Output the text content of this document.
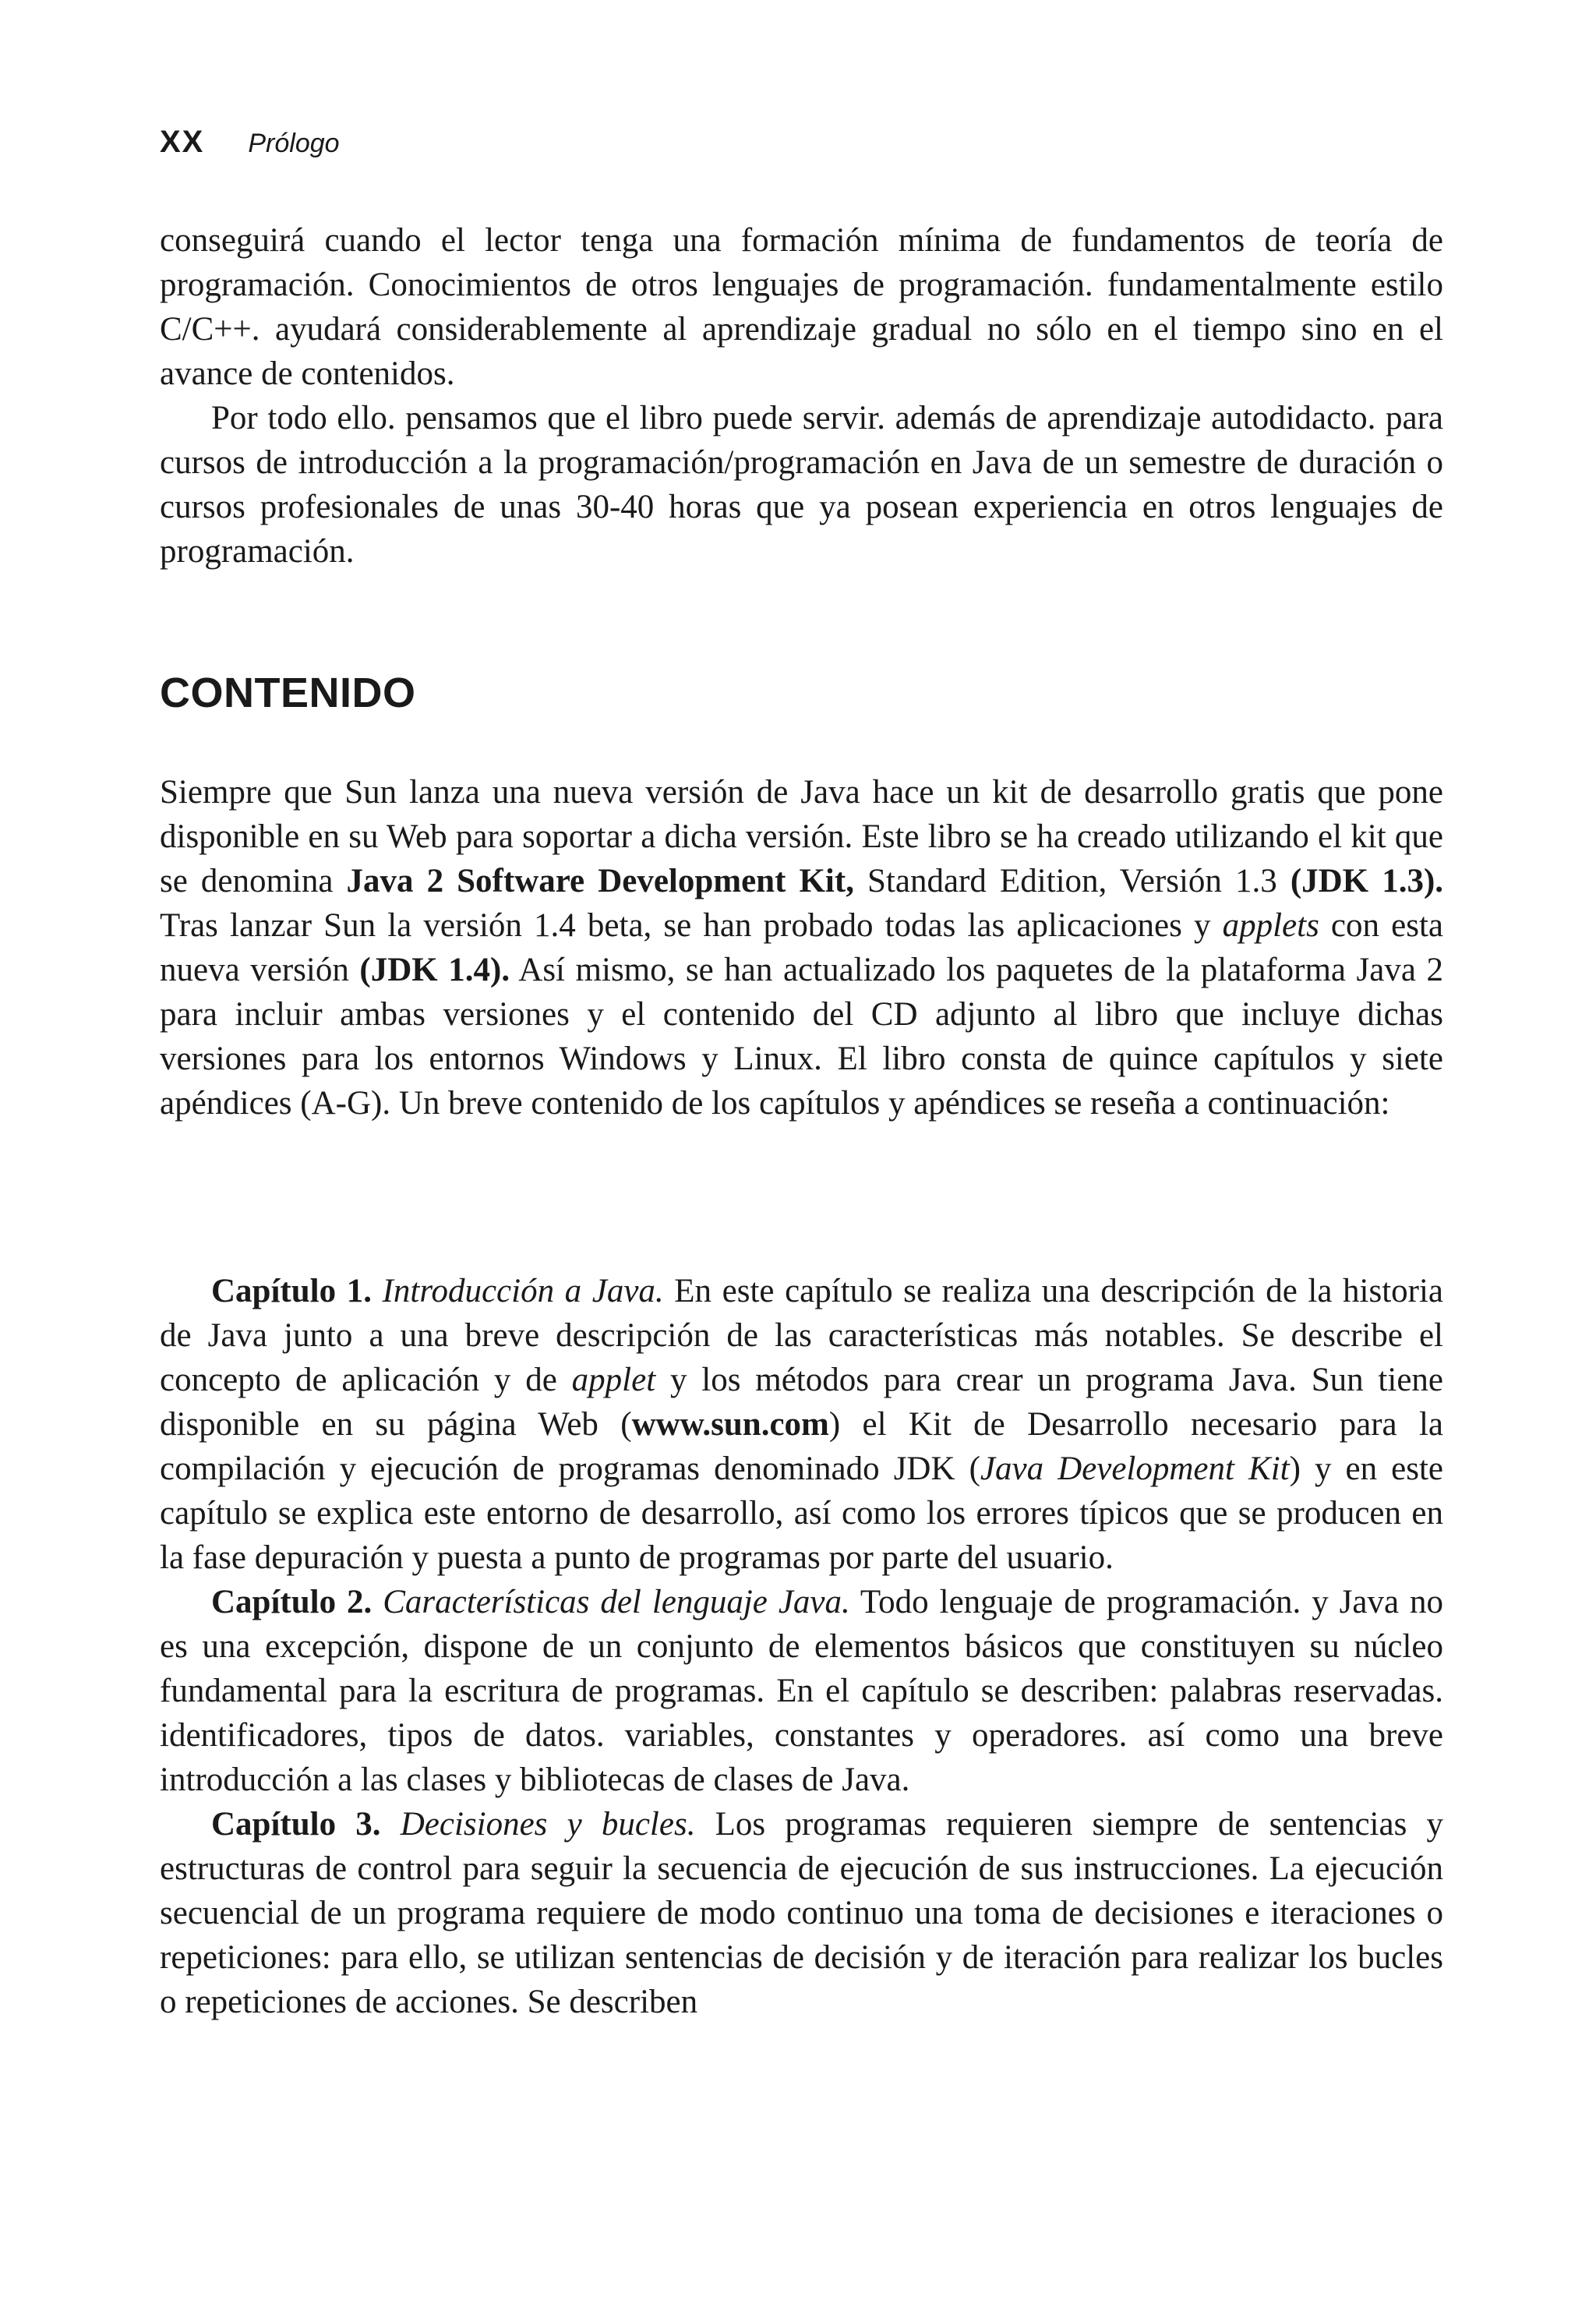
XX Prólogo

conseguirá cuando el lector tenga una formación mínima de fundamentos de teoría de programación. Conocimientos de otros lenguajes de programación. fundamentalmente estilo C/C++. ayudará considerablemente al aprendizaje gradual no sólo en el tiempo sino en el avance de contenidos.

Por todo ello. pensamos que el libro puede servir. además de aprendizaje autodidacto. para cursos de introducción a la programación/programación en Java de un semestre de duración o cursos profesionales de unas 30-40 horas que ya posean experiencia en otros lenguajes de programación.

CONTENIDO

Siempre que Sun lanza una nueva versión de Java hace un kit de desarrollo gratis que pone disponible en su Web para soportar a dicha versión. Este libro se ha creado utilizando el kit que se denomina Java 2 Software Development Kit, Standard Edition, Versión 1.3 (JDK 1.3). Tras lanzar Sun la versión 1.4 beta, se han probado todas las aplicaciones y applets con esta nueva versión (JDK 1.4). Así mismo, se han actualizado los paquetes de la plataforma Java 2 para incluir ambas versiones y el contenido del CD adjunto al libro que incluye dichas versiones para los entornos Windows y Linux. El libro consta de quince capítulos y siete apéndices (A-G). Un breve contenido de los capítulos y apéndices se reseña a continuación:

Capítulo 1. Introducción a Java. En este capítulo se realiza una descripción de la historia de Java junto a una breve descripción de las características más notables. Se describe el concepto de aplicación y de applet y los métodos para crear un programa Java. Sun tiene disponible en su página Web (www.sun.com) el Kit de Desarrollo necesario para la compilación y ejecución de programas denominado JDK (Java Development Kit) y en este capítulo se explica este entorno de desarrollo, así como los errores típicos que se producen en la fase depuración y puesta a punto de programas por parte del usuario.

Capítulo 2. Características del lenguaje Java. Todo lenguaje de programación. y Java no es una excepción, dispone de un conjunto de elementos básicos que constituyen su núcleo fundamental para la escritura de programas. En el capítulo se describen: palabras reservadas. identificadores, tipos de datos. variables, constantes y operadores. así como una breve introducción a las clases y bibliotecas de clases de Java.

Capítulo 3. Decisiones y bucles. Los programas requieren siempre de sentencias y estructuras de control para seguir la secuencia de ejecución de sus instrucciones. La ejecución secuencial de un programa requiere de modo continuo una toma de decisiones e iteraciones o repeticiones: para ello, se utilizan sentencias de decisión y de iteración para realizar los bucles o repeticiones de acciones. Se describen
